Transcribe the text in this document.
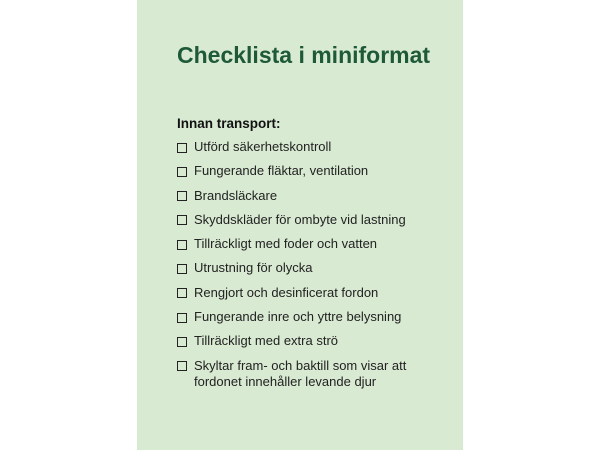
Checklista i miniformat
Innan transport:
Utförd säkerhetskontroll
Fungerande fläktar, ventilation
Brandsläckare
Skyddskläder för ombyte vid lastning
Tillräckligt med foder och vatten
Utrustning för olycka
Rengjort och desinficerat fordon
Fungerande inre och yttre belysning
Tillräckligt med extra strö
Skyltar fram- och baktill som visar att fordonet innehåller levande djur
